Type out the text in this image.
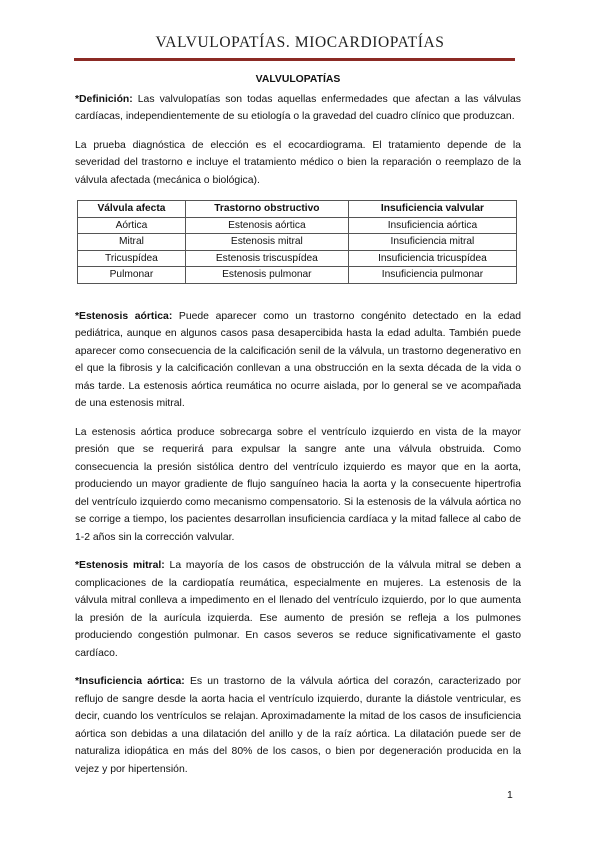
VALVULOPATÍAS. MIOCARDIOPATÍAS
VALVULOPATÍAS

*Definición: Las valvulopatías son todas aquellas enfermedades que afectan a las válvulas cardíacas, independientemente de su etiología o la gravedad del cuadro clínico que produzcan.

La prueba diagnóstica de elección es el ecocardiograma. El tratamiento depende de la severidad del trastorno e incluye el tratamiento médico o bien la reparación o reemplazo de la válvula afectada (mecánica o biológica).

Válvula afecta	Trastorno obstructivo	Insuficiencia valvular
Aórtica	Estenosis aórtica	Insuficiencia aórtica
Mitral	Estenosis mitral	Insuficiencia mitral
Tricuspídea	Estenosis triscuspídea	Insuficiencia tricuspídea
Pulmonar	Estenosis pulmonar	Insuficiencia pulmonar

*Estenosis aórtica: Puede aparecer como un trastorno congénito detectado en la edad pediátrica, aunque en algunos casos pasa desapercibida hasta la edad adulta. También puede aparecer como consecuencia de la calcificación senil de la válvula, un trastorno degenerativo en el que la fibrosis y la calcificación conllevan a una obstrucción en la sexta década de la vida o más tarde. La estenosis aórtica reumática no ocurre aislada, por lo general se ve acompañada de una estenosis mitral.

La estenosis aórtica produce sobrecarga sobre el ventrículo izquierdo en vista de la mayor presión que se requerirá para expulsar la sangre ante una válvula obstruida. Como consecuencia la presión sistólica dentro del ventrículo izquierdo es mayor que en la aorta, produciendo un mayor gradiente de flujo sanguíneo hacia la aorta y la consecuente hipertrofia del ventrículo izquierdo como mecanismo compensatorio. Si la estenosis de la válvula aórtica no se corrige a tiempo, los pacientes desarrollan insuficiencia cardíaca y la mitad fallece al cabo de 1-2 años sin la corrección valvular.

*Estenosis mitral: La mayoría de los casos de obstrucción de la válvula mitral se deben a complicaciones de la cardiopatía reumática, especialmente en mujeres. La estenosis de la válvula mitral conlleva a impedimento en el llenado del ventrículo izquierdo, por lo que aumenta la presión de la aurícula izquierda. Ese aumento de presión se refleja a los pulmones produciendo congestión pulmonar. En casos severos se reduce significativamente el gasto cardíaco.

*Insuficiencia aórtica: Es un trastorno de la válvula aórtica del corazón, caracterizado por reflujo de sangre desde la aorta hacia el ventrículo izquierdo, durante la diástole ventricular, es decir, cuando los ventrículos se relajan. Aproximadamente la mitad de los casos de insuficiencia aórtica son debidas a una dilatación del anillo y de la raíz aórtica. La dilatación puede ser de naturaliza idiopática en más del 80% de los casos, o bien por degeneración producida en la vejez y por hipertensión.

1
